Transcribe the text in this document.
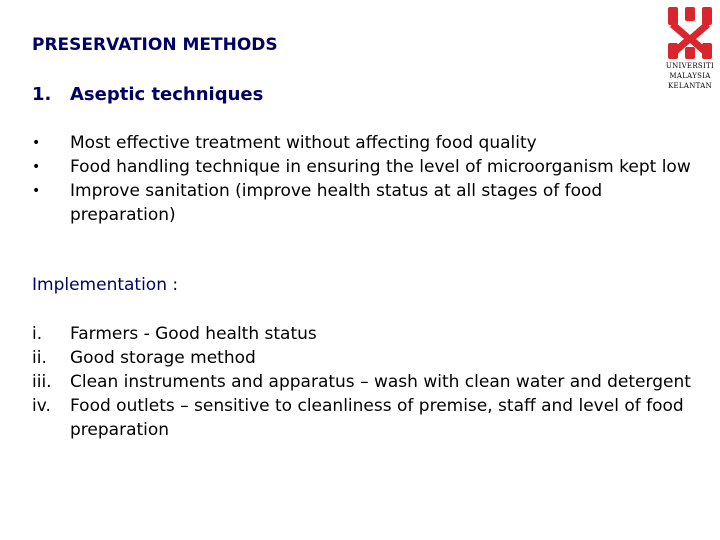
PRESERVATION METHODS
1.	Aseptic techniques
•	Most effective treatment without affecting food quality
•	Food handling technique in ensuring the level of microorganism kept low
•	Improve sanitation (improve health status at all stages of food preparation)
Implementation :
i.	Farmers - Good health status
ii.	Good storage method
iii.	Clean instruments and apparatus – wash with clean water and detergent
iv.	Food outlets – sensitive to cleanliness of premise, staff and level of food preparation
UNIVERSITI
MALAYSIA
KELANTAN
